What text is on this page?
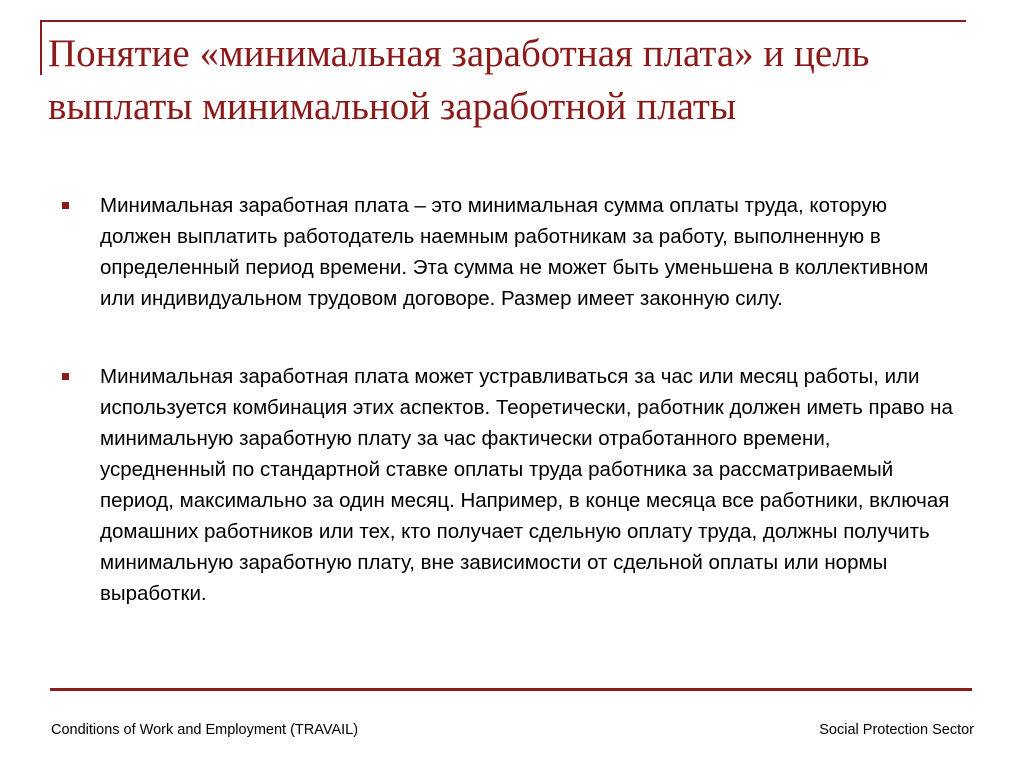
Понятие «минимальная заработная плата» и цель выплаты минимальной заработной платы
Минимальная заработная плата – это минимальная сумма оплаты труда, которую должен выплатить работодатель наемным работникам за работу, выполненную в определенный период времени. Эта сумма не может быть уменьшена в коллективном или индивидуальном трудовом договоре. Размер имеет законную силу.
Минимальная заработная плата может устравливаться за час или месяц работы, или используется комбинация этих аспектов. Теоретически, работник должен иметь право на минимальную заработную плату за час фактически отработанного времени, усредненный по стандартной ставке оплаты труда работника за рассматриваемый период, максимально за один месяц. Например, в конце месяца все работники, включая домашних работников или тех, кто получает сдельную оплату труда, должны получить минимальную заработную плату, вне зависимости от сдельной оплаты или нормы выработки.
Conditions of Work and Employment (TRAVAIL)	Social Protection Sector
